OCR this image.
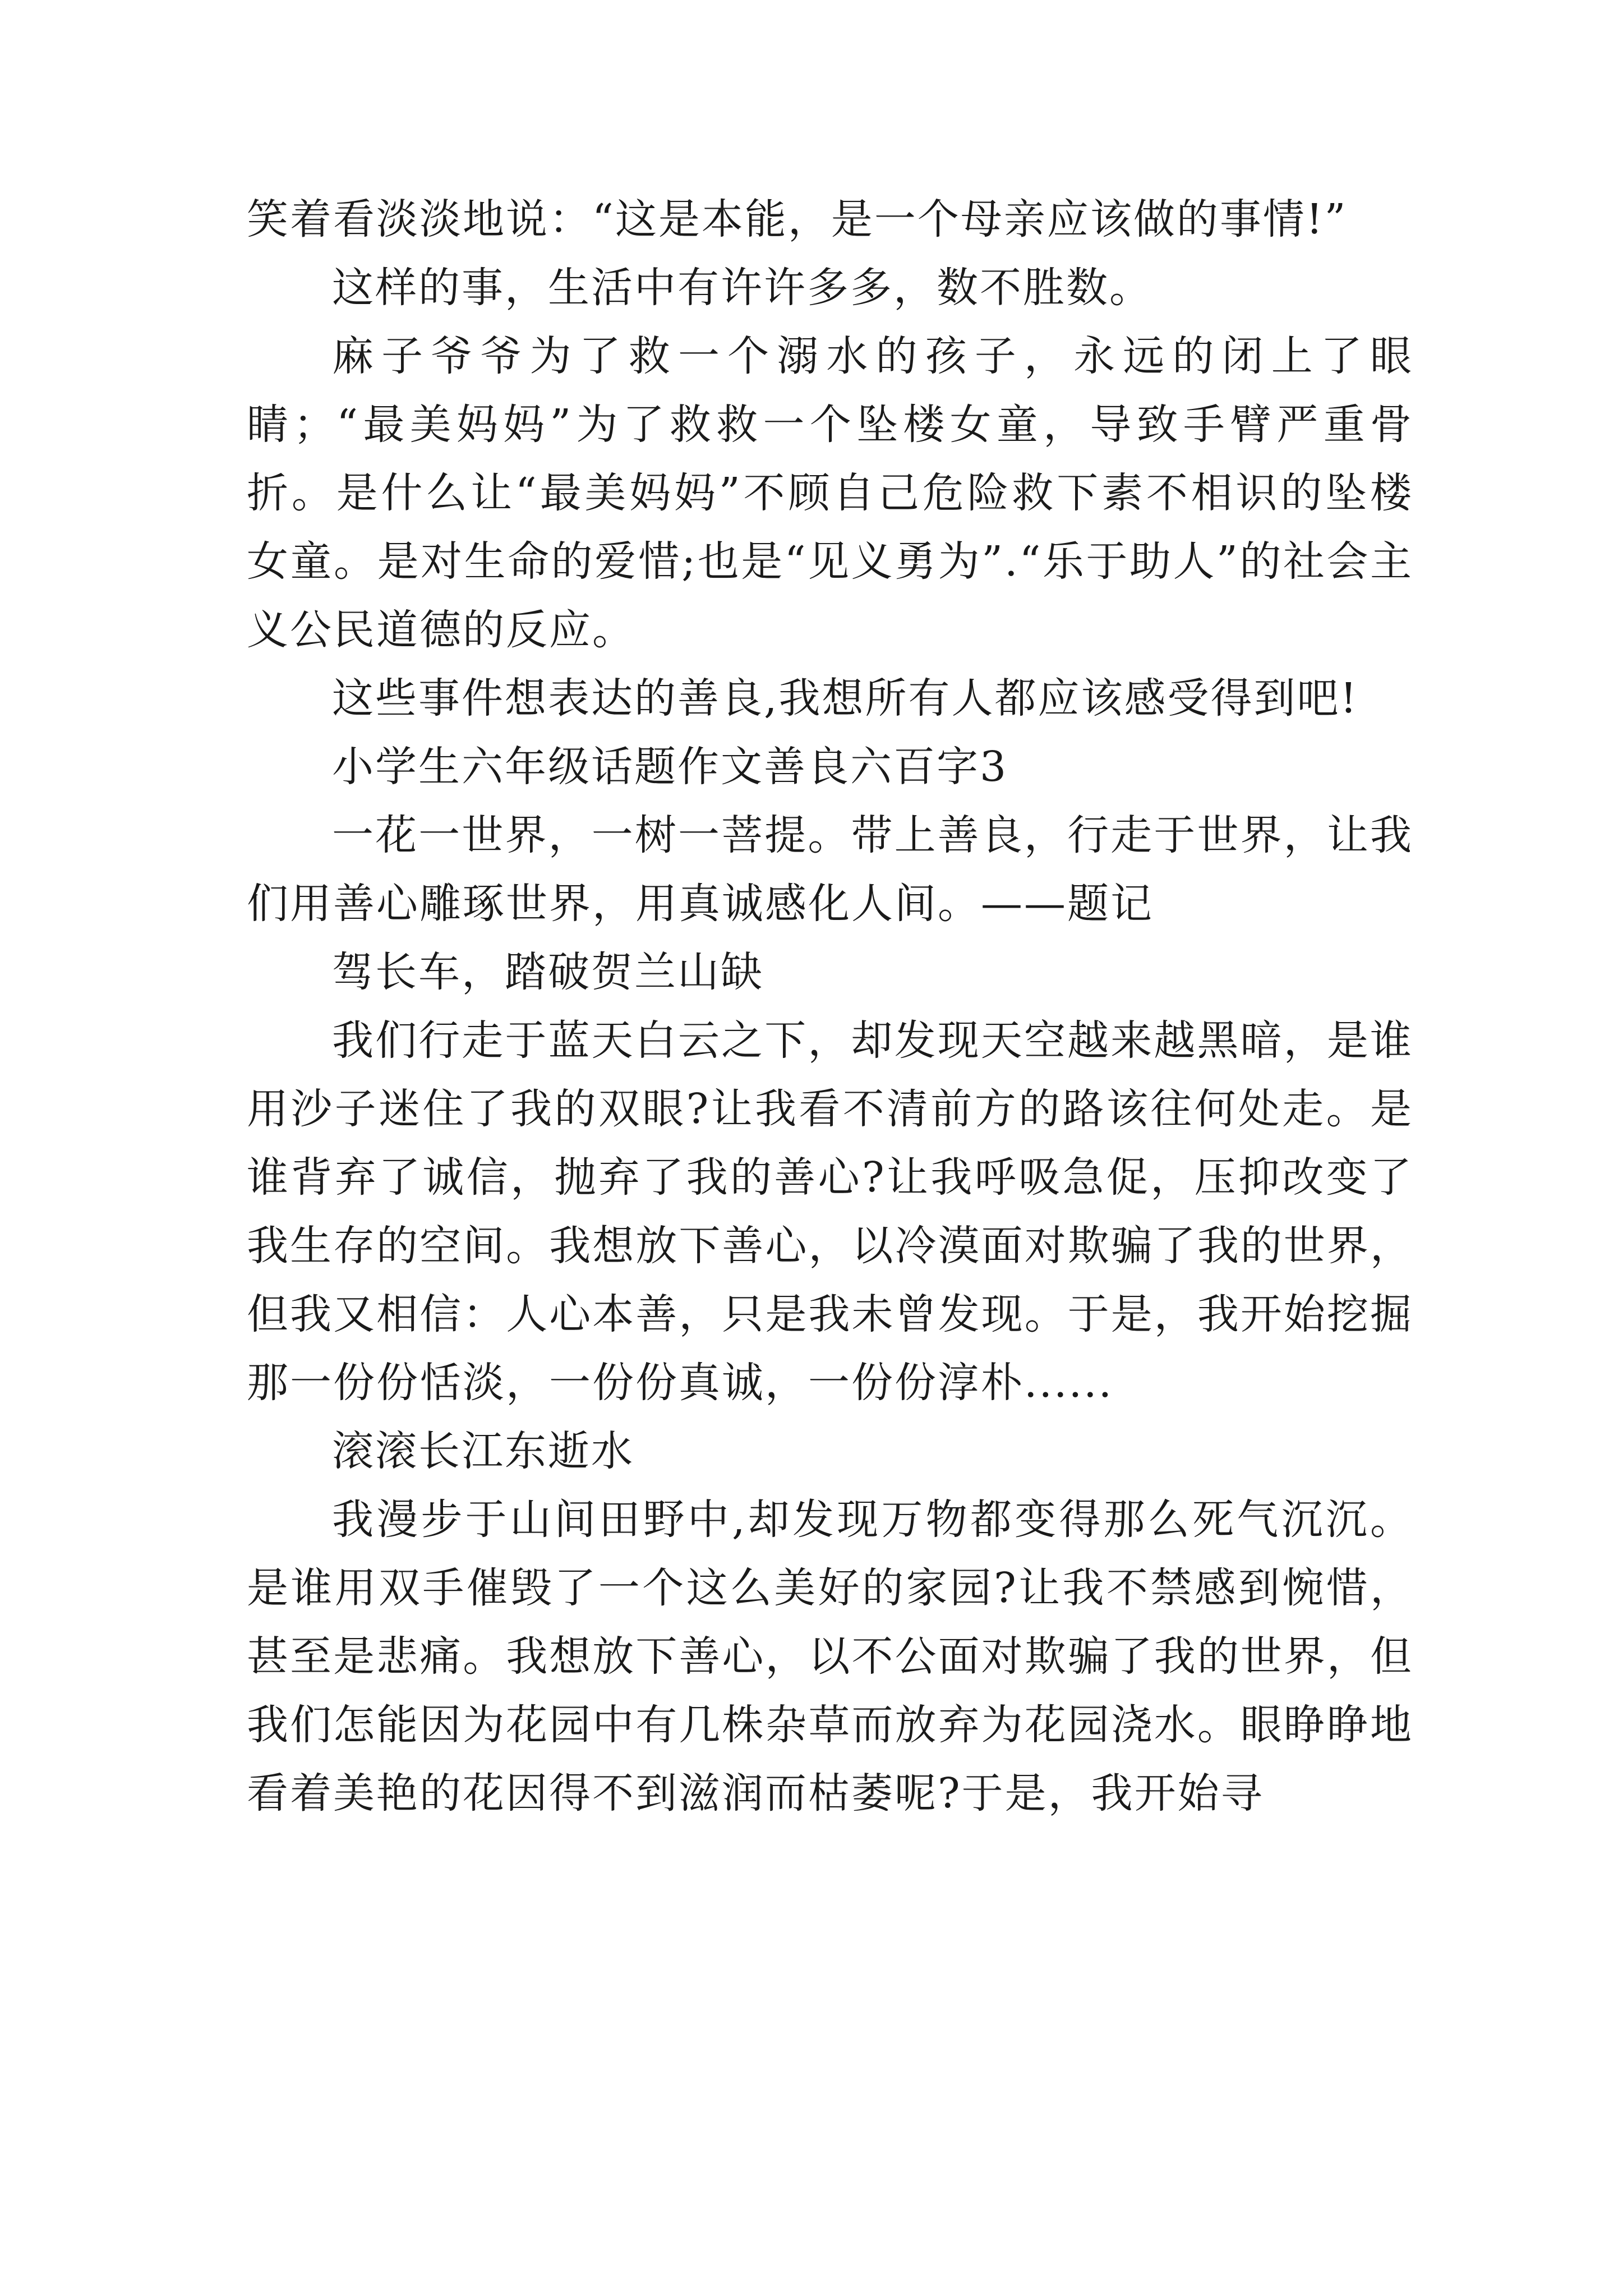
笑着看淡淡地说：“这是本能，是一个母亲应该做的事情!”

这样的事，生活中有许许多多，数不胜数。

麻子爷爷为了救一个溺水的孩子，永远的闭上了眼睛；“最美妈妈”为了救救一个坠楼女童，导致手臂严重骨折。是什么让“最美妈妈”不顾自己危险救下素不相识的坠楼女童。是对生命的爱惜;也是“见义勇为”.“乐于助人”的社会主义公民道德的反应。

这些事件想表达的善良,我想所有人都应该感受得到吧!

小学生六年级话题作文善良六百字3

一花一世界，一树一菩提。带上善良，行走于世界，让我们用善心雕琢世界，用真诚感化人间。——题记

驾长车，踏破贺兰山缺

我们行走于蓝天白云之下，却发现天空越来越黑暗，是谁用沙子迷住了我的双眼?让我看不清前方的路该往何处走。是谁背弃了诚信，抛弃了我的善心?让我呼吸急促，压抑改变了我生存的空间。我想放下善心，以冷漠面对欺骗了我的世界，但我又相信：人心本善，只是我未曾发现。于是，我开始挖掘那一份份恬淡，一份份真诚，一份份淳朴......

滚滚长江东逝水

我漫步于山间田野中,却发现万物都变得那么死气沉沉。是谁用双手催毁了一个这么美好的家园?让我不禁感到惋惜，甚至是悲痛。我想放下善心，以不公面对欺骗了我的世界，但我们怎能因为花园中有几株杂草而放弃为花园浇水。眼睁睁地看着美艳的花因得不到滋润而枯萎呢?于是，我开始寻
